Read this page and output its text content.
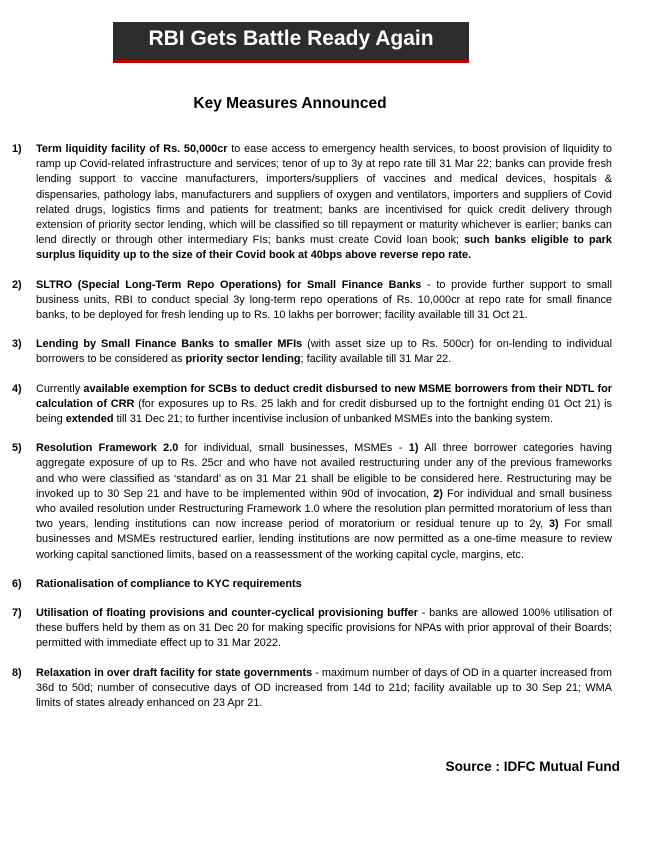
RBI Gets Battle Ready Again
Key Measures Announced
1) Term liquidity facility of Rs. 50,000cr to ease access to emergency health services, to boost provision of liquidity to ramp up Covid-related infrastructure and services; tenor of up to 3y at repo rate till 31 Mar 22; banks can provide fresh lending support to vaccine manufacturers, importers/suppliers of vaccines and medical devices, hospitals & dispensaries, pathology labs, manufacturers and suppliers of oxygen and ventilators, importers and suppliers of Covid related drugs, logistics firms and patients for treatment; banks are incentivised for quick credit delivery through extension of priority sector lending, which will be classified so till repayment or maturity whichever is earlier; banks can lend directly or through other intermediary FIs; banks must create Covid loan book; such banks eligible to park surplus liquidity up to the size of their Covid book at 40bps above reverse repo rate.
2) SLTRO (Special Long-Term Repo Operations) for Small Finance Banks - to provide further support to small business units, RBI to conduct special 3y long-term repo operations of Rs. 10,000cr at repo rate for small finance banks, to be deployed for fresh lending up to Rs. 10 lakhs per borrower; facility available till 31 Oct 21.
3) Lending by Small Finance Banks to smaller MFIs (with asset size up to Rs. 500cr) for on-lending to individual borrowers to be considered as priority sector lending; facility available till 31 Mar 22.
4) Currently available exemption for SCBs to deduct credit disbursed to new MSME borrowers from their NDTL for calculation of CRR (for exposures up to Rs. 25 lakh and for credit disbursed up to the fortnight ending 01 Oct 21) is being extended till 31 Dec 21; to further incentivise inclusion of unbanked MSMEs into the banking system.
5) Resolution Framework 2.0 for individual, small businesses, MSMEs - 1) All three borrower categories having aggregate exposure of up to Rs. 25cr and who have not availed restructuring under any of the previous frameworks and who were classified as ‘standard’ as on 31 Mar 21 shall be eligible to be considered here. Restructuring may be invoked up to 30 Sep 21 and have to be implemented within 90d of invocation, 2) For individual and small business who availed resolution under Restructuring Framework 1.0 where the resolution plan permitted moratorium of less than two years, lending institutions can now increase period of moratorium or residual tenure up to 2y, 3) For small businesses and MSMEs restructured earlier, lending institutions are now permitted as a one-time measure to review working capital sanctioned limits, based on a reassessment of the working capital cycle, margins, etc.
6) Rationalisation of compliance to KYC requirements
7) Utilisation of floating provisions and counter-cyclical provisioning buffer - banks are allowed 100% utilisation of these buffers held by them as on 31 Dec 20 for making specific provisions for NPAs with prior approval of their Boards; permitted with immediate effect up to 31 Mar 2022.
8) Relaxation in over draft facility for state governments - maximum number of days of OD in a quarter increased from 36d to 50d; number of consecutive days of OD increased from 14d to 21d; facility available up to 30 Sep 21; WMA limits of states already enhanced on 23 Apr 21.
Source : IDFC Mutual Fund
